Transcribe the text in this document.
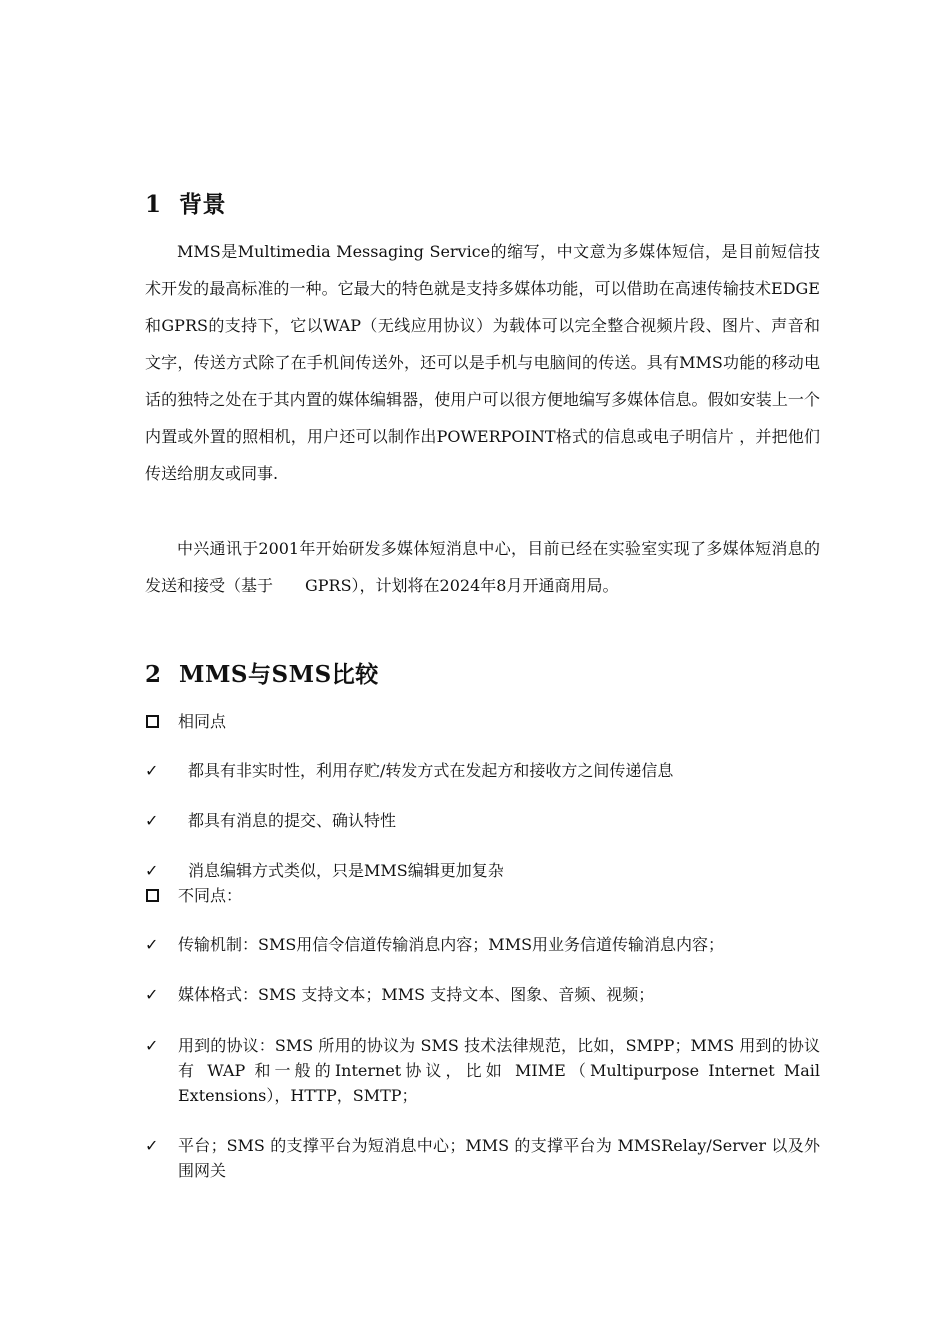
1 背景

MMS是Multimedia Messaging Service的缩写，中文意为多媒体短信，是目前短信技术开发的最高标准的一种。它最大的特色就是支持多媒体功能，可以借助在高速传输技术EDGE和GPRS的支持下，它以WAP（无线应用协议）为载体可以完全整合视频片段、图片、声音和文字，传送方式除了在手机间传送外，还可以是手机与电脑间的传送。具有MMS功能的移动电话的独特之处在于其内置的媒体编辑器，使用户可以很方便地编写多媒体信息。假如安装上一个内置或外置的照相机，用户还可以制作出POWERPOINT格式的信息或电子明信片 ，并把他们传送给朋友或同事.

中兴通讯于2001年开始研发多媒体短消息中心，目前已经在实验室实现了多媒体短消息的发送和接受（基于　　GPRS），计划将在2024年8月开通商用局。

2 MMS与SMS比较
相同点
✓	都具有非实时性，利用存贮/转发方式在发起方和接收方之间传递信息
✓	都具有消息的提交、确认特性
✓	消息编辑方式类似，只是MMS编辑更加复杂
不同点：
✓	传输机制：SMS用信令信道传输消息内容；MMS用业务信道传输消息内容；
✓	媒体格式：SMS 支持文本；MMS 支持文本、图象、音频、视频；
✓	用到的协议：SMS 所用的协议为 SMS 技术法律规范，比如，SMPP；MMS 用到的协议有 WAP 和一般的Internet协议，比如 MIME（Multipurpose Internet Mail Extensions），HTTP，SMTP；
✓	平台；SMS 的支撑平台为短消息中心；MMS 的支撑平台为 MMSRelay/Server 以及外围网关
